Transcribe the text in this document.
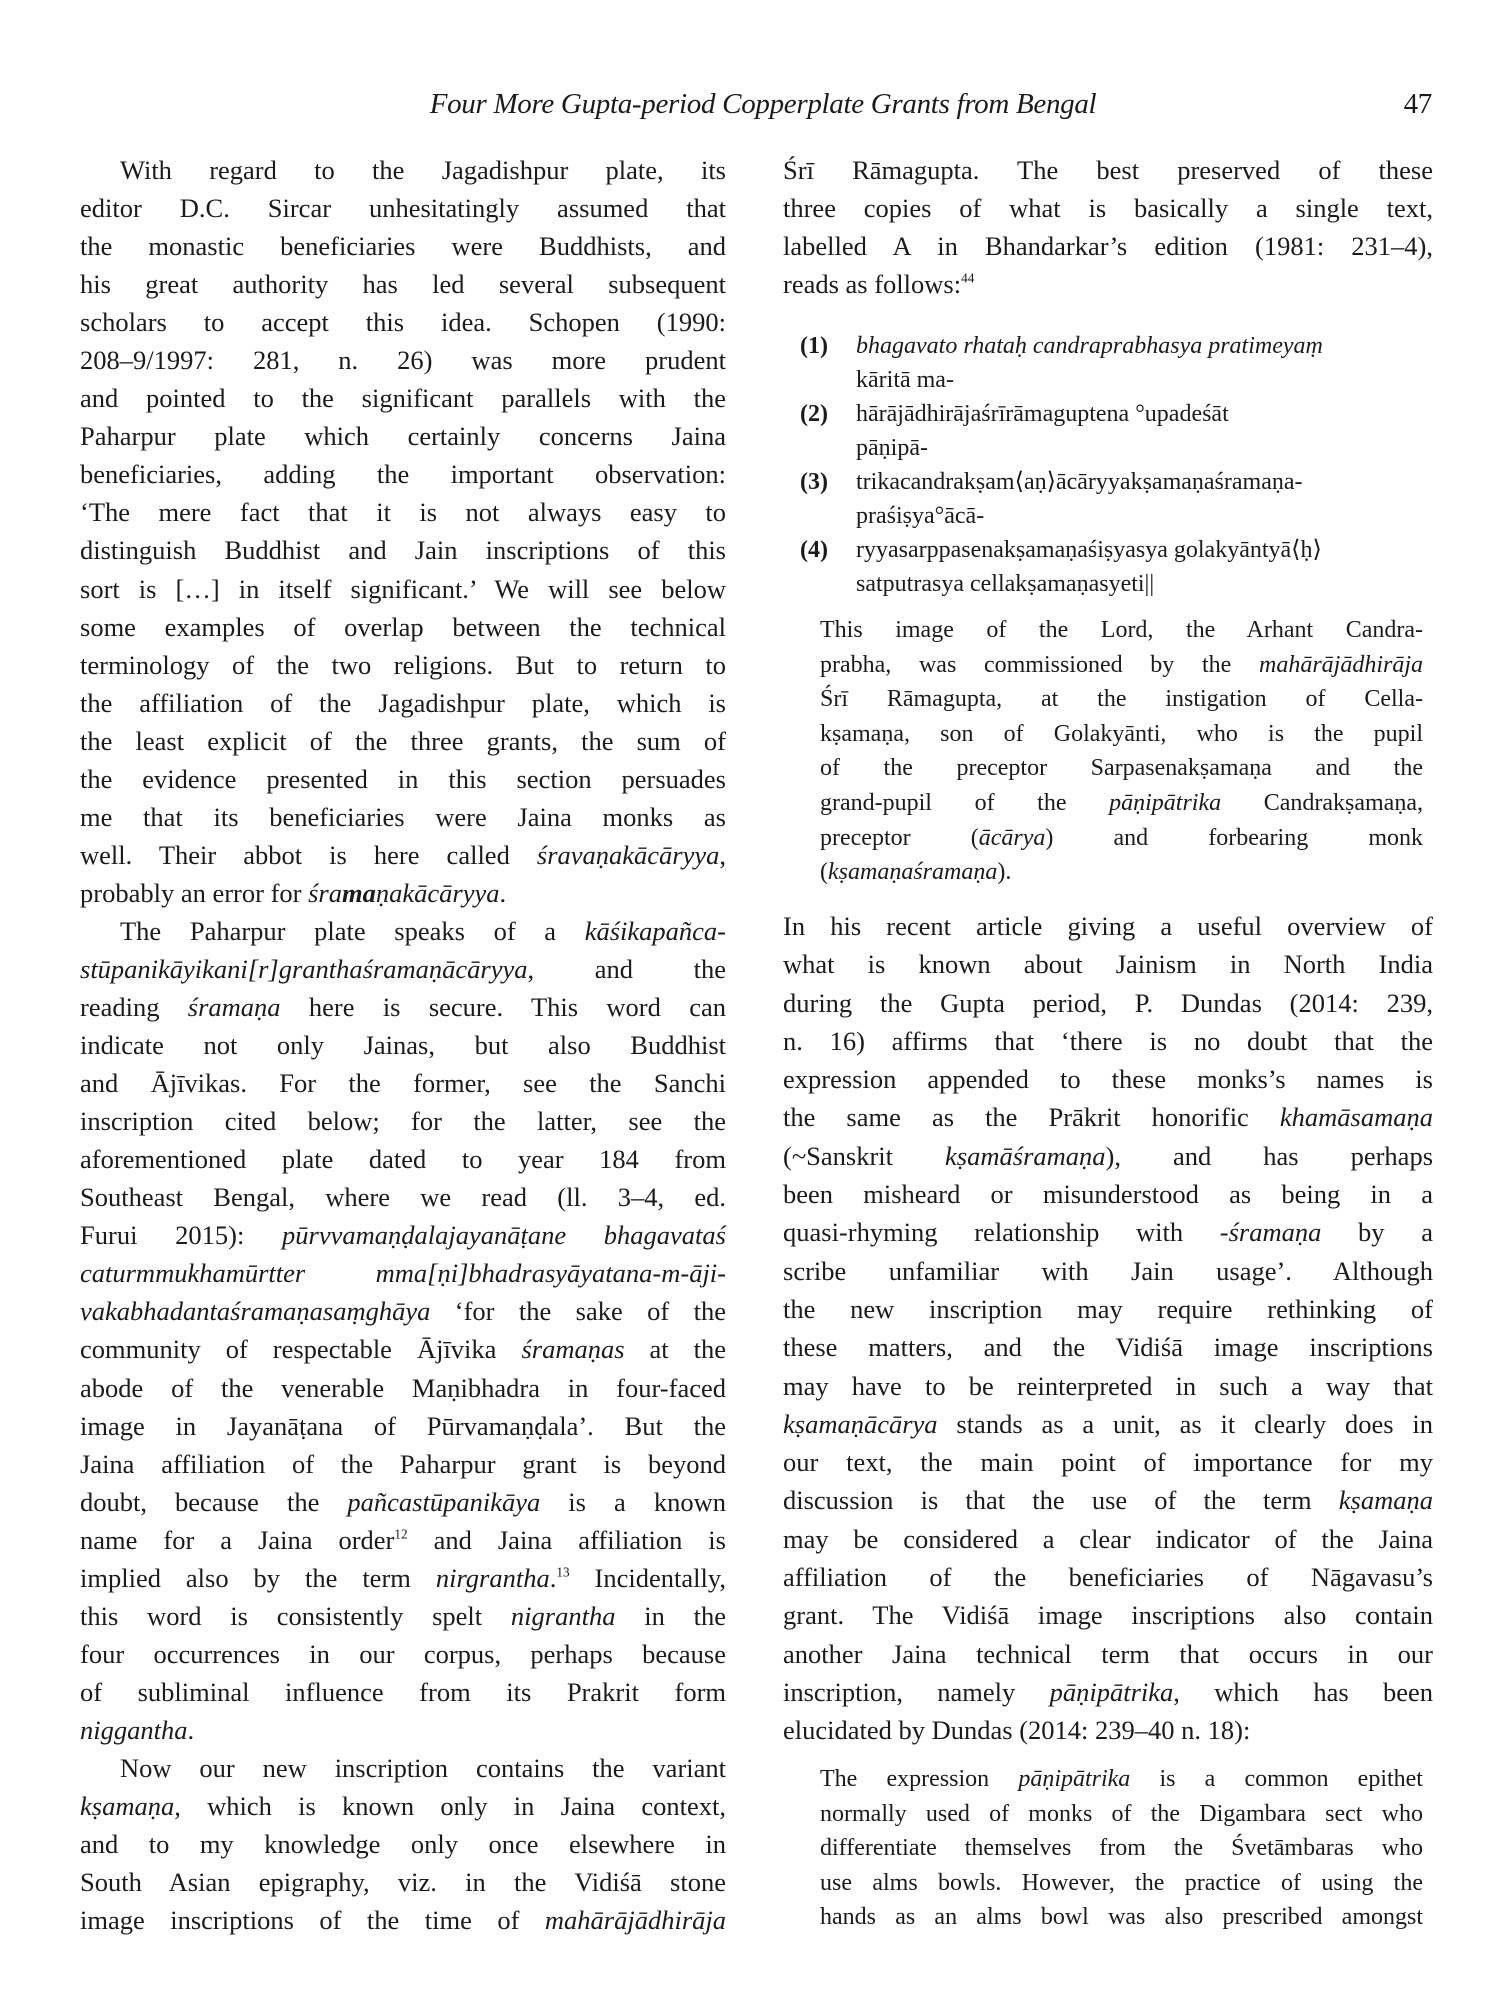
Four More Gupta-period Copperplate Grants from Bengal	47
With regard to the Jagadishpur plate, its
editor D.C. Sircar unhesitatingly assumed that
the monastic beneficiaries were Buddhists, and
his great authority has led several subsequent
scholars to accept this idea. Schopen (1990:
208–9/1997: 281, n. 26) was more prudent
and pointed to the significant parallels with the
Paharpur plate which certainly concerns Jaina
beneficiaries, adding the important observation:
‘The mere fact that it is not always easy to
distinguish Buddhist and Jain inscriptions of this
sort is […] in itself significant.’ We will see below
some examples of overlap between the technical
terminology of the two religions. But to return to
the affiliation of the Jagadishpur plate, which is
the least explicit of the three grants, the sum of
the evidence presented in this section persuades
me that its beneficiaries were Jaina monks as
well. Their abbot is here called śravaṇakācāryya,
probably an error for śramaṇakācāryya.
The Paharpur plate speaks of a kāśikapañca-
stūpanikāyikani[r]granthaśramaṇācāryya, and the
reading śramaṇa here is secure. This word can
indicate not only Jainas, but also Buddhist
and Ājīvikas. For the former, see the Sanchi
inscription cited below; for the latter, see the
aforementioned plate dated to year 184 from
Southeast Bengal, where we read (ll. 3–4, ed.
Furui 2015): pūrvvamaṇḍalajayanāṭane bhagavataś
caturmmukhamūrtter mma[ṇi]bhadrasyāyatana-m-āji-
vakabhadantaśramaṇasaṃghāya ‘for the sake of the
community of respectable Ājīvika śramaṇas at the
abode of the venerable Maṇibhadra in four-faced
image in Jayanāṭana of Pūrvamaṇḍala’. But the
Jaina affiliation of the Paharpur grant is beyond
doubt, because the pañcastūpanikāya is a known
name for a Jaina order$^{12}$ and Jaina affiliation is
implied also by the term nirgrantha.$^{13}$ Incidentally,
this word is consistently spelt nigrantha in the
four occurrences in our corpus, perhaps because
of subliminal influence from its Prakrit form
niggantha.
Now our new inscription contains the variant
kṣamaṇa, which is known only in Jaina context,
and to my knowledge only once elsewhere in
South Asian epigraphy, viz. in the Vidiśā stone
image inscriptions of the time of mahārājādhirāja
Śrī Rāmagupta. The best preserved of these
three copies of what is basically a single text,
labelled A in Bhandarkar’s edition (1981: 231–4),
reads as follows:$^{44}$
(1) bhagavato rhataḥ candraprabhasya pratimeyaṃ
kāritā ma-
(2) hārājādhirājaśrīrāmaguptena °upadeśāt
pāṇipā-
(3) trikacandrakṣam⟨aṇ⟩ācāryyakṣamaṇaśramaṇa-
praśiṣya°ācā-
(4) ryyasarppasenakṣamaṇaśiṣyasya golakyāntyā⟨ḥ⟩
satputrasya cellakṣamaṇasyeti||
This image of the Lord, the Arhant Candra-
prabha, was commissioned by the mahārājādhirāja
Śrī Rāmagupta, at the instigation of Cella-
kṣamaṇa, son of Golakyānti, who is the pupil
of the preceptor Sarpasenakṣamaṇa and the
grand-pupil of the pāṇipātrika Candrakṣamaṇa,
preceptor (ācārya) and forbearing monk
(kṣamaṇaśramaṇa).
In his recent article giving a useful overview of
what is known about Jainism in North India
during the Gupta period, P. Dundas (2014: 239,
n. 16) affirms that ‘there is no doubt that the
expression appended to these monks’s names is
the same as the Prākrit honorific khamāsamaṇa
(~Sanskrit kṣamāśramaṇa), and has perhaps
been misheard or misunderstood as being in a
quasi-rhyming relationship with -śramaṇa by a
scribe unfamiliar with Jain usage’. Although
the new inscription may require rethinking of
these matters, and the Vidiśā image inscriptions
may have to be reinterpreted in such a way that
kṣamaṇācārya stands as a unit, as it clearly does in
our text, the main point of importance for my
discussion is that the use of the term kṣamaṇa
may be considered a clear indicator of the Jaina
affiliation of the beneficiaries of Nāgavasu’s
grant. The Vidiśā image inscriptions also contain
another Jaina technical term that occurs in our
inscription, namely pāṇipātrika, which has been
elucidated by Dundas (2014: 239–40 n. 18):
The expression pāṇipātrika is a common epithet
normally used of monks of the Digambara sect who
differentiate themselves from the Śvetāmbaras who
use alms bowls. However, the practice of using the
hands as an alms bowl was also prescribed amongst
